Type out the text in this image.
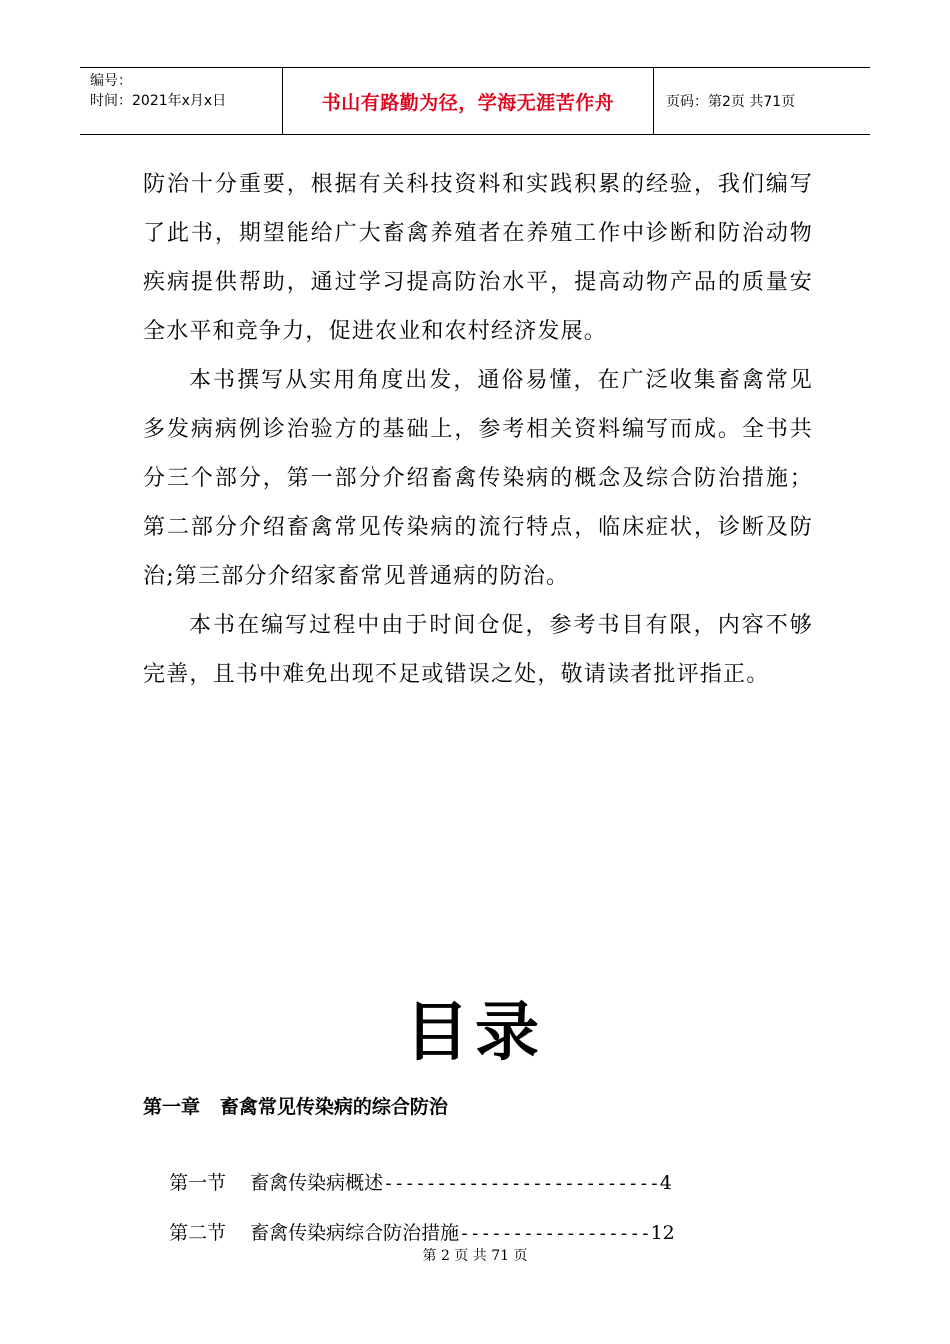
编号：
时间：2021年x月x日	书山有路勤为径，学海无涯苦作舟	页码：第2页 共71页

防治十分重要，根据有关科技资料和实践积累的经验，我们编写了此书，期望能给广大畜禽养殖者在养殖工作中诊断和防治动物疾病提供帮助，通过学习提高防治水平，提高动物产品的质量安全水平和竞争力，促进农业和农村经济发展。

本书撰写从实用角度出发，通俗易懂，在广泛收集畜禽常见多发病病例诊治验方的基础上，参考相关资料编写而成。全书共分三个部分，第一部分介绍畜禽传染病的概念及综合防治措施；第二部分介绍畜禽常见传染病的流行特点，临床症状，诊断及防治;第三部分介绍家畜常见普通病的防治。

本书在编写过程中由于时间仓促，参考书目有限，内容不够完善，且书中难免出现不足或错误之处，敬请读者批评指正。

目录
第一章   畜禽常见传染病的综合防治

第一节 畜禽传染病概述--------------------------4

第二节 畜禽传染病综合防治措施------------------12

第 2 页 共 71 页
